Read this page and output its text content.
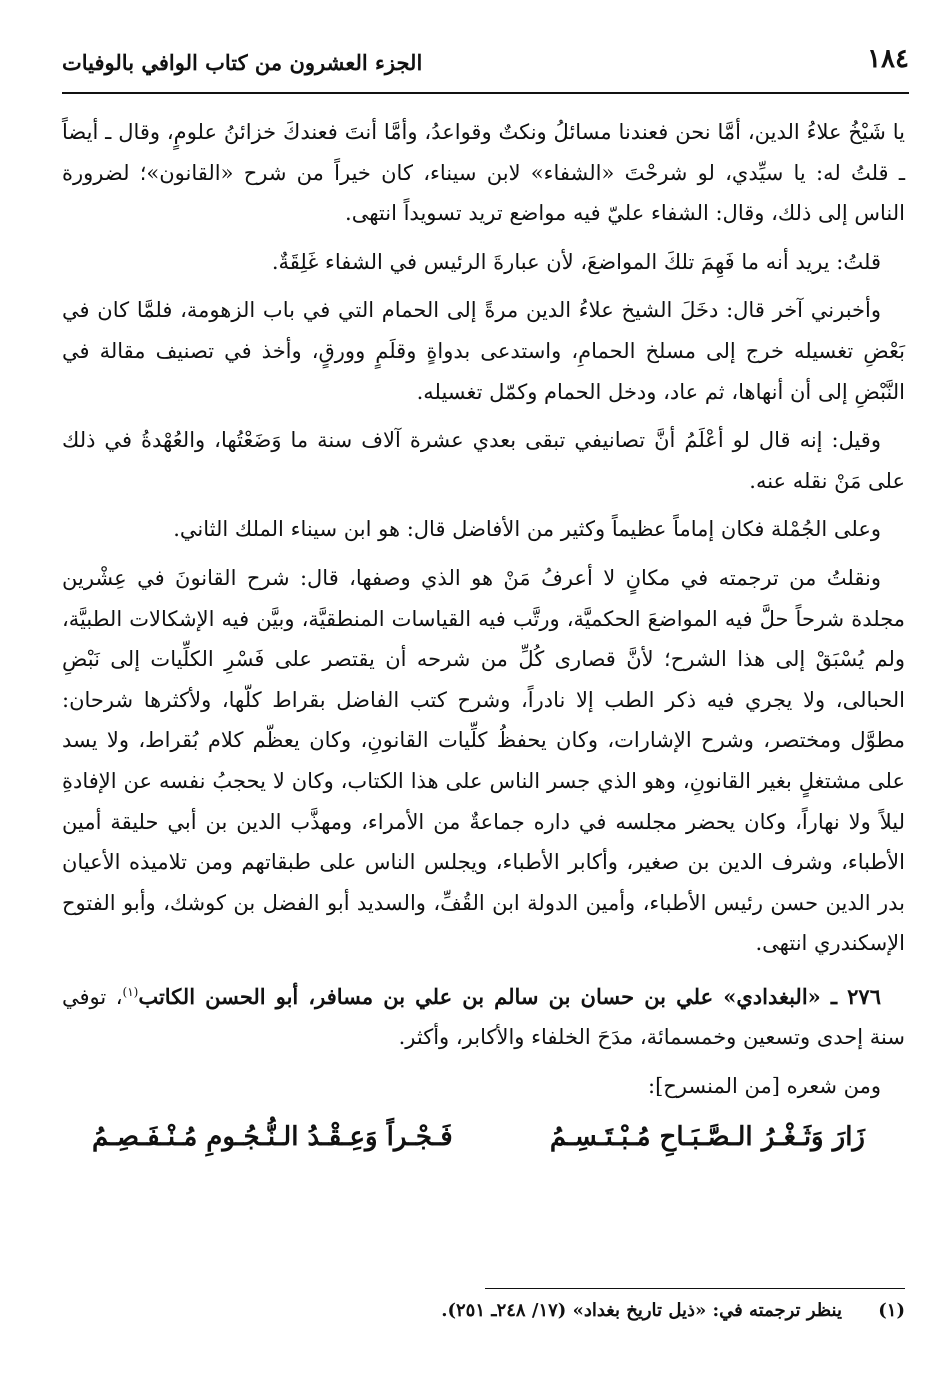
١٨٤
الجزء العشرون من كتاب الوافي بالوفيات

يا شَيْخُ علاءُ الدين، أمَّا نحن فعندنا مسائلُ ونكتٌ وقواعدُ، وأمَّا أنتَ فعندكَ خزائنُ علومٍ، وقال ـ أيضاً ـ قلتُ له: يا سيِّدي، لو شرحْتَ «الشفاء» لابن سيناء، كان خيراً من شرح «القانون»؛ لضرورة الناس إلى ذلك، وقال: الشفاء عليّ فيه مواضع تريد تسويداً انتهى.

قلتُ: يريد أنه ما فَهِمَ تلكَ المواضعَ، لأن عبارةَ الرئيس في الشفاء غَلِقَةٌ.

وأخبرني آخر قال: دخَلَ الشيخ علاءُ الدين مرةً إلى الحمام التي في باب الزهومة، فلمَّا كان في بَعْضِ تغسيله خرج إلى مسلخ الحمامِ، واستدعى بدواةٍ وقلَمٍ وورقٍ، وأخذ في تصنيف مقالة في النَّبْضِ إلى أن أنهاها، ثم عاد، ودخل الحمام وكمّل تغسيله.

وقيل: إنه قال لو أعْلَمُ أنَّ تصانيفي تبقى بعدي عشرة آلاف سنة ما وَضَعْتُها، والعُهْدةُ في ذلك على مَنْ نقله عنه.

وعلى الجُمْلة فكان إماماً عظيماً وكثير من الأفاضل قال: هو ابن سيناء الملك الثاني.

ونقلتُ من ترجمته في مكانٍ لا أعرفُ مَنْ هو الذي وصفها، قال: شرح القانونَ في عِشْرين مجلدة شرحاً حلَّ فيه المواضعَ الحكميَّة، ورتَّب فيه القياسات المنطقيَّة، وبيَّن فيه الإشكالات الطبيَّة، ولم يُسْبَقْ إلى هذا الشرح؛ لأنَّ قصارى كُلِّ من شرحه أن يقتصر على فَسْرِ الكلِّيات إلى نَبْضِ الحبالى، ولا يجري فيه ذكر الطب إلا نادراً، وشرح كتب الفاضل بقراط كلّها، ولأكثرها شرحان: مطوَّل ومختصر، وشرح الإشارات، وكان يحفظُ كلِّيات القانونِ، وكان يعظّم كلام بُقراط، ولا يسد على مشتغلٍ بغير القانونِ، وهو الذي جسر الناس على هذا الكتاب، وكان لا يحجبُ نفسه عن الإفادةِ ليلاً ولا نهاراً، وكان يحضر مجلسه في داره جماعةٌ من الأمراء، ومهذَّب الدين بن أبي حليقة أمين الأطباء، وشرف الدين بن صغير، وأكابر الأطباء، ويجلس الناس على طبقاتهم ومن تلاميذه الأعيان بدر الدين حسن رئيس الأطباء، وأمين الدولة ابن القُفِّ، والسديد أبو الفضل بن كوشك، وأبو الفتوح الإسكندري انتهى.

٢٧٦ ـ «البغدادي» علي بن حسان بن سالم بن علي بن مسافر، أبو الحسن الكاتب$^{(١)}$، توفي سنة إحدى وتسعين وخمسمائة، مدَحَ الخلفاء والأكابر، وأكثر.

ومن شعره [من المنسرح]:
زَارَ وَثَـغْـرُ الـصَّـبَـاحِ مُـبْـتَـسِـمُ
فَـجْـراً وَعِـقْـدُ الـنُّـجُـومِ مُـنْـفَـصِـمُ
(١) ينظر ترجمته في: «ذيل تاريخ بغداد» (١٧/ ٢٤٨ـ ٢٥١).
